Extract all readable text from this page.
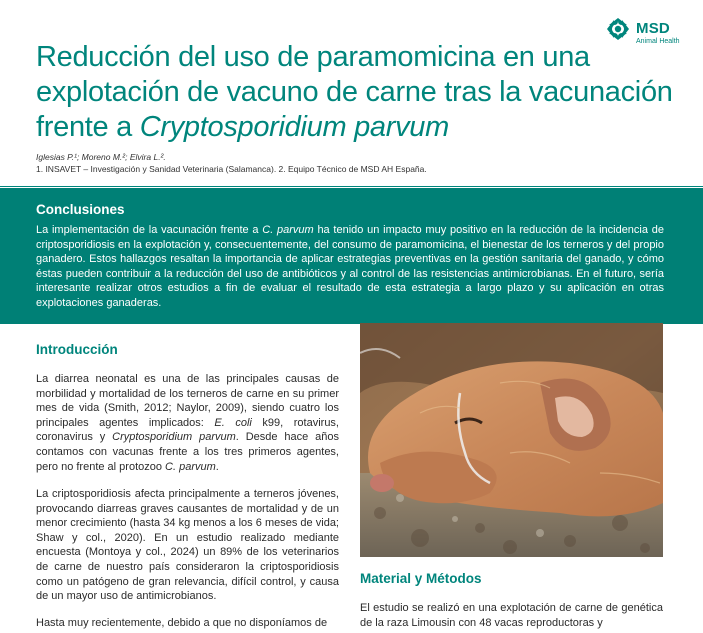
MSD
Animal Health
Reducción del uso de paramomicina en una explotación de vacuno de carne tras la vacunación frente a Cryptosporidium parvum
Iglesias P.¹; Moreno M.²; Elvira L.².
1. INSAVET – Investigación y Sanidad Veterinaria (Salamanca). 2. Equipo Técnico de MSD AH España.
Conclusiones

La implementación de la vacunación frente a C. parvum ha tenido un impacto muy positivo en la reducción de la incidencia de criptosporidiosis en la explotación y, consecuentemente, del consumo de paramomicina, el bienestar de los terneros y del propio ganadero. Estos hallazgos resaltan la importancia de aplicar estrategias preventivas en la gestión sanitaria del ganado, y cómo éstas pueden contribuir a la reducción del uso de antibióticos y al control de las resistencias antimicrobianas. En el futuro, sería interesante realizar otros estudios a fin de evaluar el resultado de esta estrategia a largo plazo y su aplicación en otras explotaciones ganaderas.

Introducción

La diarrea neonatal es una de las principales causas de morbilidad y mortalidad de los terneros de carne en su primer mes de vida (Smith, 2012; Naylor, 2009), siendo cuatro los principales agentes implicados: E. coli k99, rotavirus, coronavirus y Cryptosporidium parvum. Desde hace años contamos con vacunas frente a los tres primeros agentes, pero no frente al protozoo C. parvum.

La criptosporidiosis afecta principalmente a terneros jóvenes, provocando diarreas graves causantes de mortalidad y de un menor crecimiento (hasta 34 kg menos a los 6 meses de vida; Shaw y col., 2020). En un estudio realizado mediante encuesta (Montoya y col., 2024) un 89% de los veterinarios de carne de nuestro país consideraron la criptosporidiosis como un patógeno de gran relevancia, difícil control, y causa de un mayor uso de antimicrobianos.

Hasta muy recientemente, debido a que no disponíamos de

Material y Métodos

El estudio se realizó en una explotación de carne de genética de la raza Limousin con 48 vacas reproductoras y
